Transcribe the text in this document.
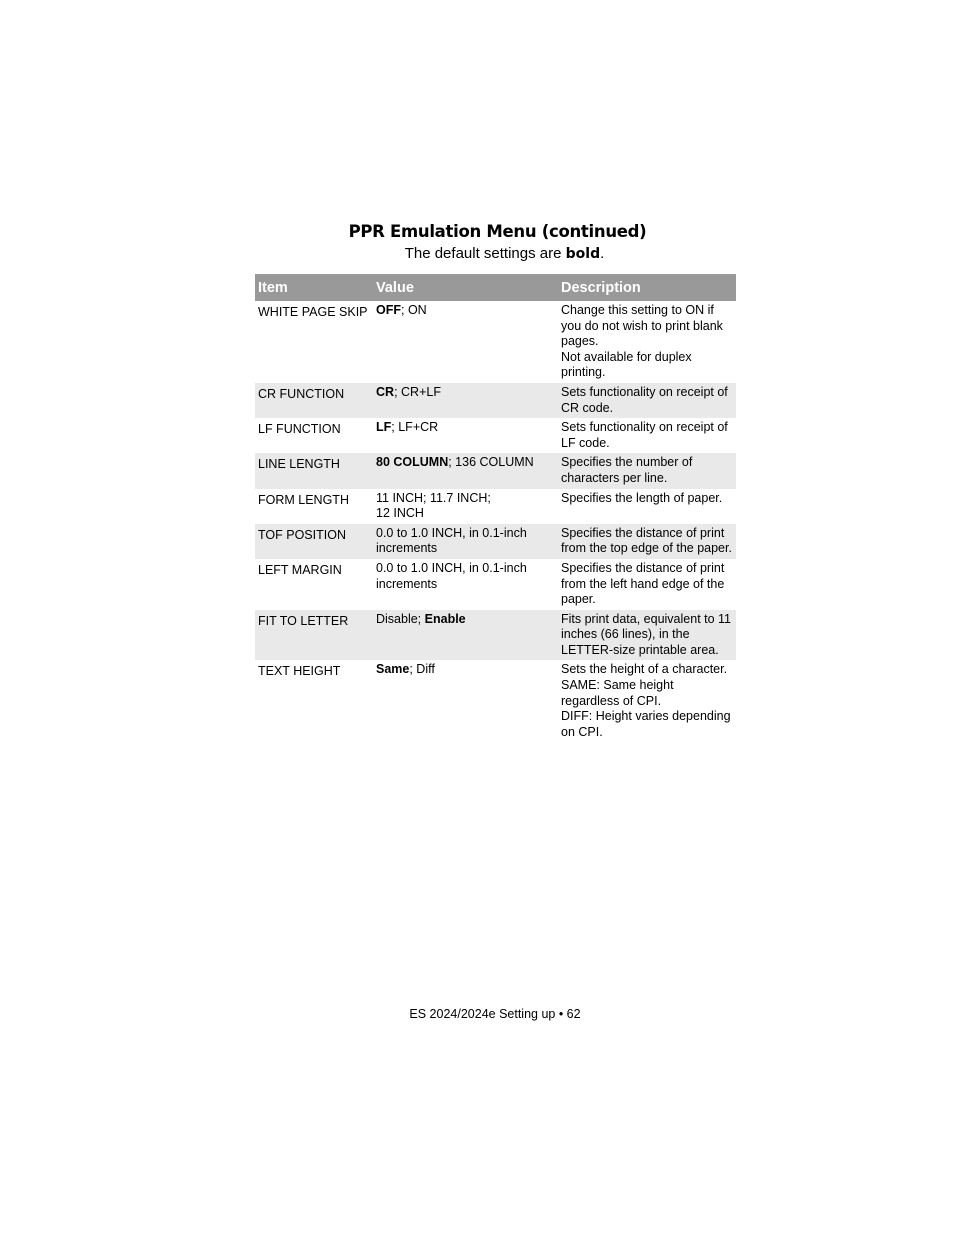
PPR Emulation Menu (continued)
The default settings are bold.
Item	Value	Description
WHITE PAGE SKIP	OFF; ON	Change this setting to ON if you do not wish to print blank pages.
Not available for duplex printing.

CR FUNCTION	CR; CR+LF	Sets functionality on receipt of CR code.

LF FUNCTION	LF; LF+CR	Sets functionality on receipt of LF code.

LINE LENGTH	80 COLUMN; 136 COLUMN	Specifies the number of characters per line.

FORM LENGTH	11 INCH; 11.7 INCH;
12 INCH	Specifies the length of paper.

TOF POSITION	0.0 to 1.0 INCH, in 0.1-inch increments	Specifies the distance of print from the top edge of the paper.

LEFT MARGIN	0.0 to 1.0 INCH, in 0.1-inch increments	Specifies the distance of print from the left hand edge of the paper.

FIT TO LETTER	Disable; Enable	Fits print data, equivalent to 11 inches (66 lines), in the LETTER-size printable area.

TEXT HEIGHT	Same; Diff	Sets the height of a character.
SAME: Same height regardless of CPI.
DIFF: Height varies depending on CPI.
ES 2024/2024e Setting up • 62
